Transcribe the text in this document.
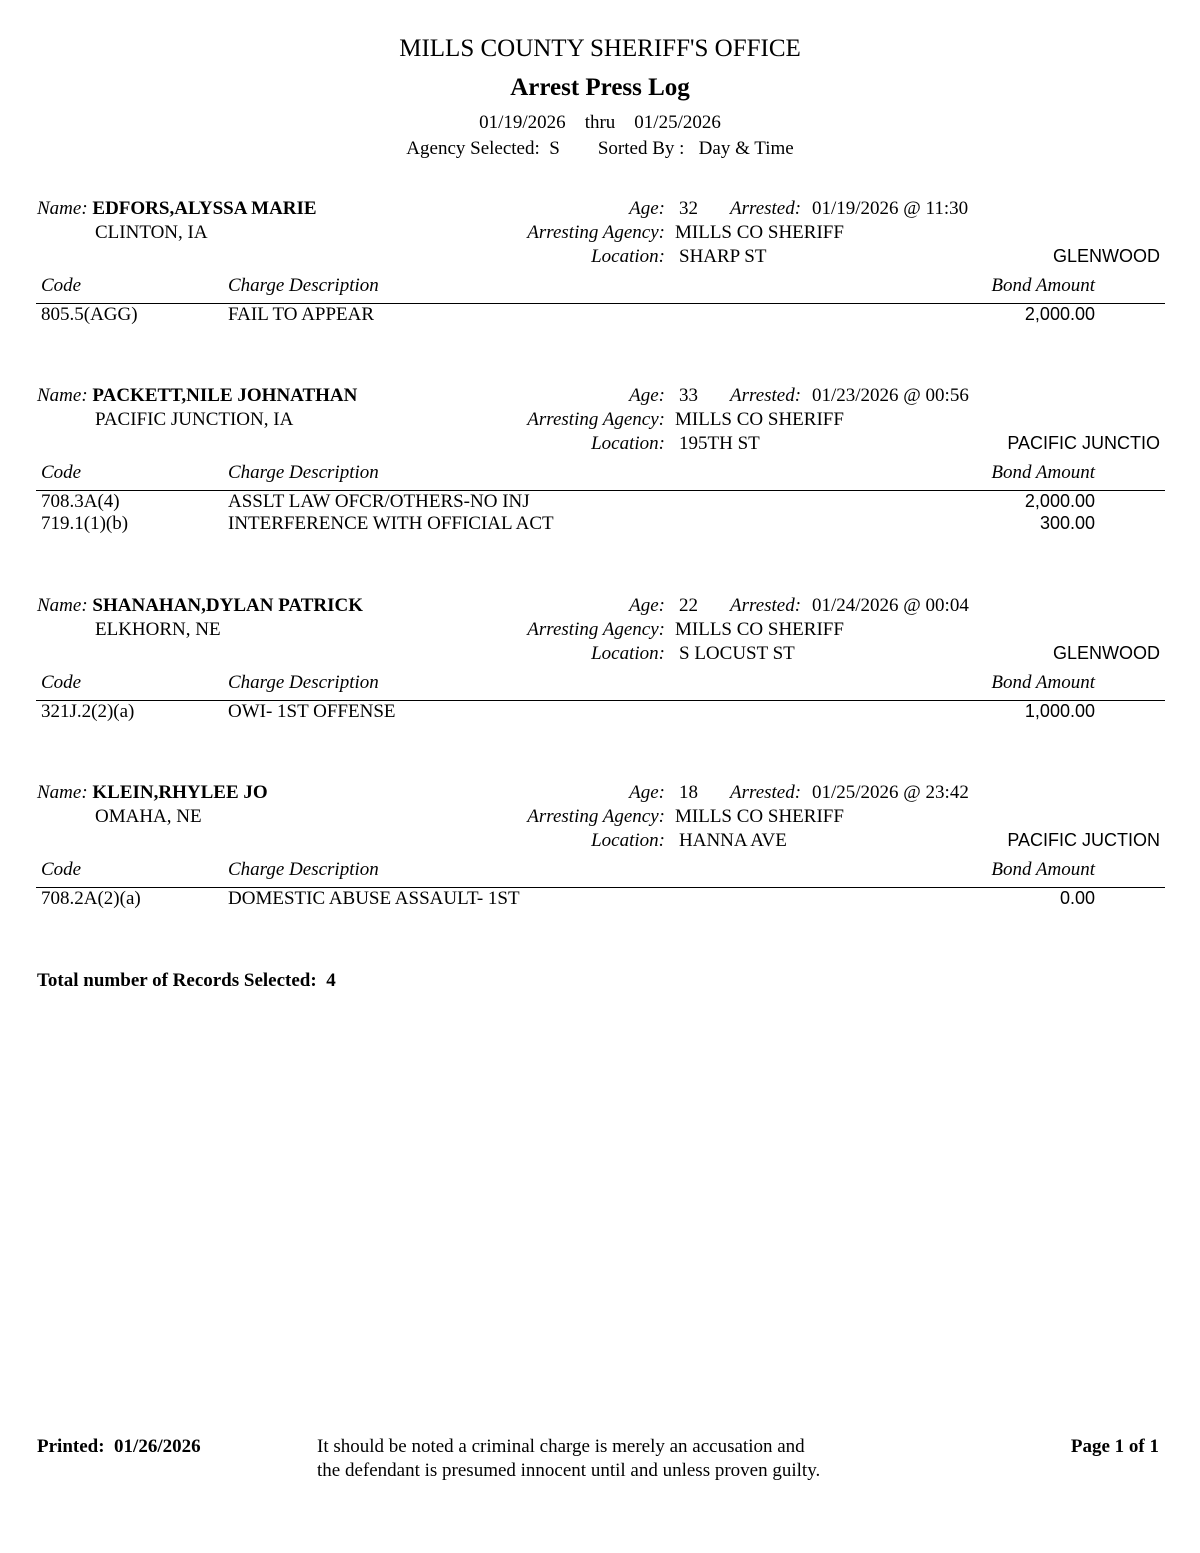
MILLS COUNTY SHERIFF'S OFFICE
Arrest Press Log
01/19/2026 thru 01/25/2026
Agency Selected: S Sorted By : Day & Time
Name: EDFORS,ALYSSA MARIE
CLINTON, IA
Age: 32 Arrested: 01/19/2026 @ 11:30
Arresting Agency: MILLS CO SHERIFF
Location: SHARP ST	GLENWOOD
Code	Charge Description	Bond Amount
805.5(AGG)	FAIL TO APPEAR	2,000.00
Name: PACKETT,NILE JOHNATHAN
PACIFIC JUNCTION, IA
Age: 33 Arrested: 01/23/2026 @ 00:56
Arresting Agency: MILLS CO SHERIFF
Location: 195TH ST	PACIFIC JUNCTIO
Code	Charge Description	Bond Amount
708.3A(4)	ASSLT LAW OFCR/OTHERS-NO INJ	2,000.00
719.1(1)(b)	INTERFERENCE WITH OFFICIAL ACT	300.00
Name: SHANAHAN,DYLAN PATRICK
ELKHORN, NE
Age: 22 Arrested: 01/24/2026 @ 00:04
Arresting Agency: MILLS CO SHERIFF
Location: S LOCUST ST	GLENWOOD
Code	Charge Description	Bond Amount
321J.2(2)(a)	OWI- 1ST OFFENSE	1,000.00
Name: KLEIN,RHYLEE JO
OMAHA, NE
Age: 18 Arrested: 01/25/2026 @ 23:42
Arresting Agency: MILLS CO SHERIFF
Location: HANNA AVE	PACIFIC JUCTION
Code	Charge Description	Bond Amount
708.2A(2)(a)	DOMESTIC ABUSE ASSAULT- 1ST	0.00
Total number of Records Selected: 4
Printed: 01/26/2026	It should be noted a criminal charge is merely an accusation and
the defendant is presumed innocent until and unless proven guilty.
Page 1 of 1
